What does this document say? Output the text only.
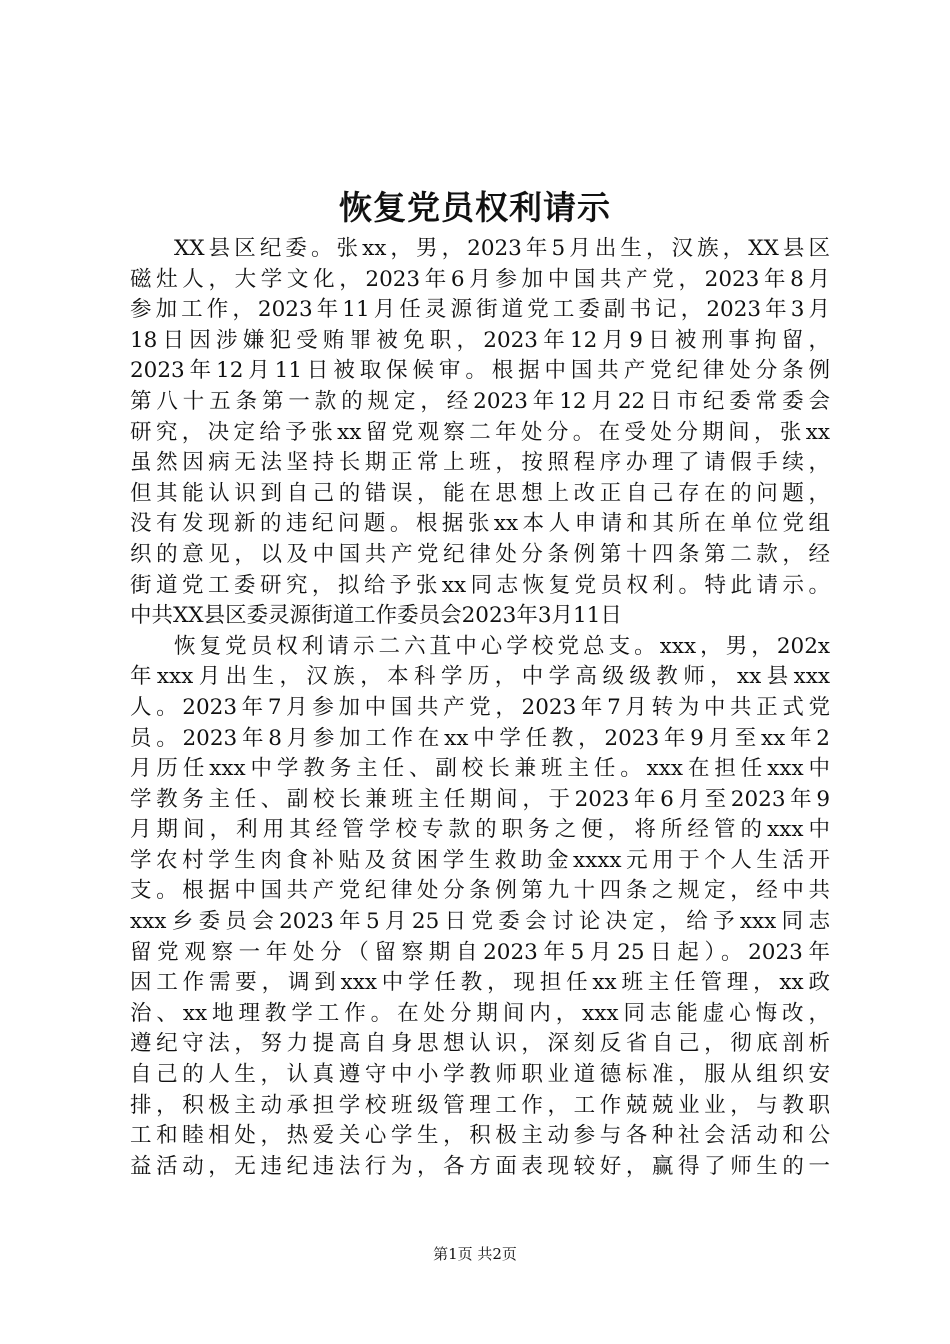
恢复党员权利请示
XX县区纪委。张xx，男，2023年5月出生，汉族，XX县区
磁灶人，大学文化，2023年6月参加中国共产党，2023年8月
参加工作，2023年11月任灵源街道党工委副书记，2023年3月
18日因涉嫌犯受贿罪被免职，2023年12月9日被刑事拘留，
2023年12月11日被取保候审。根据中国共产党纪律处分条例
第八十五条第一款的规定，经2023年12月22日市纪委常委会
研究，决定给予张xx留党观察二年处分。在受处分期间，张xx
虽然因病无法坚持长期正常上班，按照程序办理了请假手续，
但其能认识到自己的错误，能在思想上改正自己存在的问题，
没有发现新的违纪问题。根据张xx本人申请和其所在单位党组
织的意见，以及中国共产党纪律处分条例第十四条第二款，经
街道党工委研究，拟给予张xx同志恢复党员权利。特此请示。
中共XX县区委灵源街道工作委员会2023年3月11日
恢复党员权利请示二六苴中心学校党总支。xxx，男，202x
年xxx月出生，汉族，本科学历，中学高级级教师，xx县xxx
人。2023年7月参加中国共产党，2023年7月转为中共正式党
员。2023年8月参加工作在xx中学任教，2023年9月至xx年2
月历任xxx中学教务主任、副校长兼班主任。xxx在担任xxx中
学教务主任、副校长兼班主任期间，于2023年6月至2023年9
月期间，利用其经管学校专款的职务之便，将所经管的xxx中
学农村学生肉食补贴及贫困学生救助金xxxx元用于个人生活开
支。根据中国共产党纪律处分条例第九十四条之规定，经中共
xxx乡委员会2023年5月25日党委会讨论决定，给予xxx同志
留党观察一年处分（留察期自2023年5月25日起）。2023年
因工作需要，调到xxx中学任教，现担任xx班主任管理，xx政
治、xx地理教学工作。在处分期间内，xxx同志能虚心悔改，
遵纪守法，努力提高自身思想认识，深刻反省自己，彻底剖析
自己的人生，认真遵守中小学教师职业道德标准，服从组织安
排，积极主动承担学校班级管理工作，工作兢兢业业，与教职
工和睦相处，热爱关心学生，积极主动参与各种社会活动和公
益活动，无违纪违法行为，各方面表现较好，赢得了师生的一
第1页 共2页
